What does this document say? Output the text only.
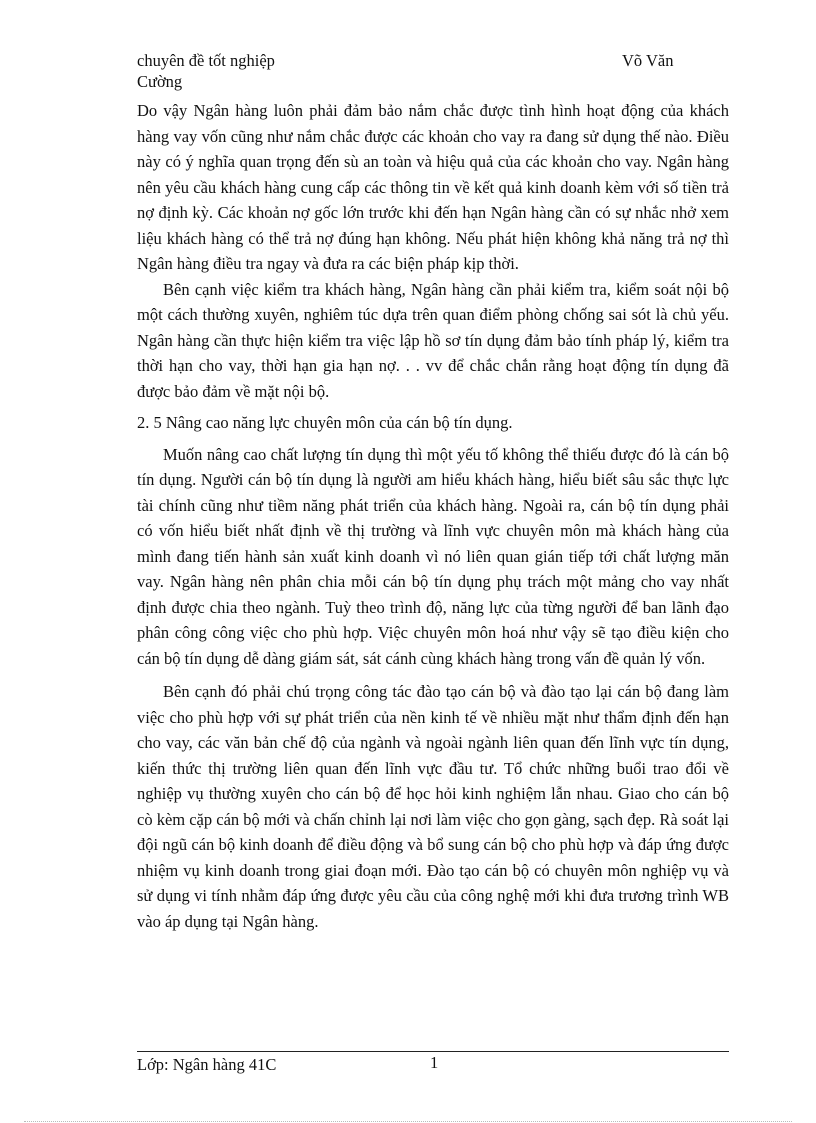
chuyên đề tốt nghiệp	Võ Văn
Cường

Do vậy Ngân hàng luôn phải đảm bảo nắm chắc được tình hình hoạt động của khách hàng vay vốn cũng như nắm chắc được các khoản cho vay ra đang sử dụng thế nào. Điều này có ý nghĩa quan trọng đến sù an toàn và hiệu quả của các khoản cho vay. Ngân hàng nên yêu cầu khách hàng cung cấp các thông tin về kết quả kinh doanh kèm với số tiền trả nợ định kỳ. Các khoản nợ gốc lớn trước khi đến hạn Ngân hàng cần có sự nhắc nhở xem liệu khách hàng có thể trả nợ đúng hạn không. Nếu phát hiện không khả năng trả nợ thì Ngân hàng điều tra ngay và đưa ra các biện pháp kịp thời.

Bên cạnh việc kiểm tra khách hàng, Ngân hàng cần phải kiểm tra, kiểm soát nội bộ một cách thường xuyên, nghiêm túc dựa trên quan điểm phòng chống sai sót là chủ yếu. Ngân hàng cần thực hiện kiểm tra việc lập hồ sơ tín dụng đảm bảo tính pháp lý, kiểm tra thời hạn cho vay, thời hạn gia hạn nợ. . . vv để chắc chắn rằng hoạt động tín dụng đã được bảo đảm về mặt nội bộ.

2. 5 Nâng cao năng lực chuyên môn của cán bộ tín dụng.

Muốn nâng cao chất lượng tín dụng thì một yếu tố không thể thiếu được đó là cán bộ tín dụng. Người cán bộ tín dụng là người am hiểu khách hàng, hiểu biết sâu sắc thực lực tài chính cũng như tiềm năng phát triển của khách hàng. Ngoài ra, cán bộ tín dụng phải có vốn hiểu biết nhất định về thị trường và lĩnh vực chuyên môn mà khách hàng của mình đang tiến hành sản xuất kinh doanh vì nó liên quan gián tiếp tới chất lượng măn vay. Ngân hàng nên phân chia mỗi cán bộ tín dụng phụ trách một mảng cho vay nhất định được chia theo ngành. Tuỳ theo trình độ, năng lực của từng người để ban lãnh đạo phân công công việc cho phù hợp. Việc chuyên môn hoá như vậy sẽ tạo điều kiện cho cán bộ tín dụng dễ dàng giám sát, sát cánh cùng khách hàng trong vấn đề quản lý vốn.

Bên cạnh đó phải chú trọng công tác đào tạo cán bộ và đào tạo lại cán bộ đang làm việc cho phù hợp với sự phát triển của nền kinh tế về nhiều mặt như thẩm định đến hạn cho vay, các văn bản chế độ của ngành và ngoài ngành liên quan đến lĩnh vực tín dụng, kiến thức thị trường liên quan đến lĩnh vực đầu tư. Tổ chức những buổi trao đổi về nghiệp vụ thường xuyên cho cán bộ để học hỏi kinh nghiệm lẫn nhau. Giao cho cán bộ cò kèm cặp cán bộ mới và chấn chỉnh lại nơi làm việc cho gọn gàng, sạch đẹp. Rà soát lại đội ngũ cán bộ kinh doanh để điều động và bổ sung cán bộ cho phù hợp và đáp ứng được nhiệm vụ kinh doanh trong giai đoạn mới. Đào tạo cán bộ có chuyên môn nghiệp vụ và sử dụng vi tính nhằm đáp ứng được yêu cầu của công nghệ mới khi đưa trương trình WB vào áp dụng tại Ngân hàng.

Lớp: Ngân hàng 41C	1
